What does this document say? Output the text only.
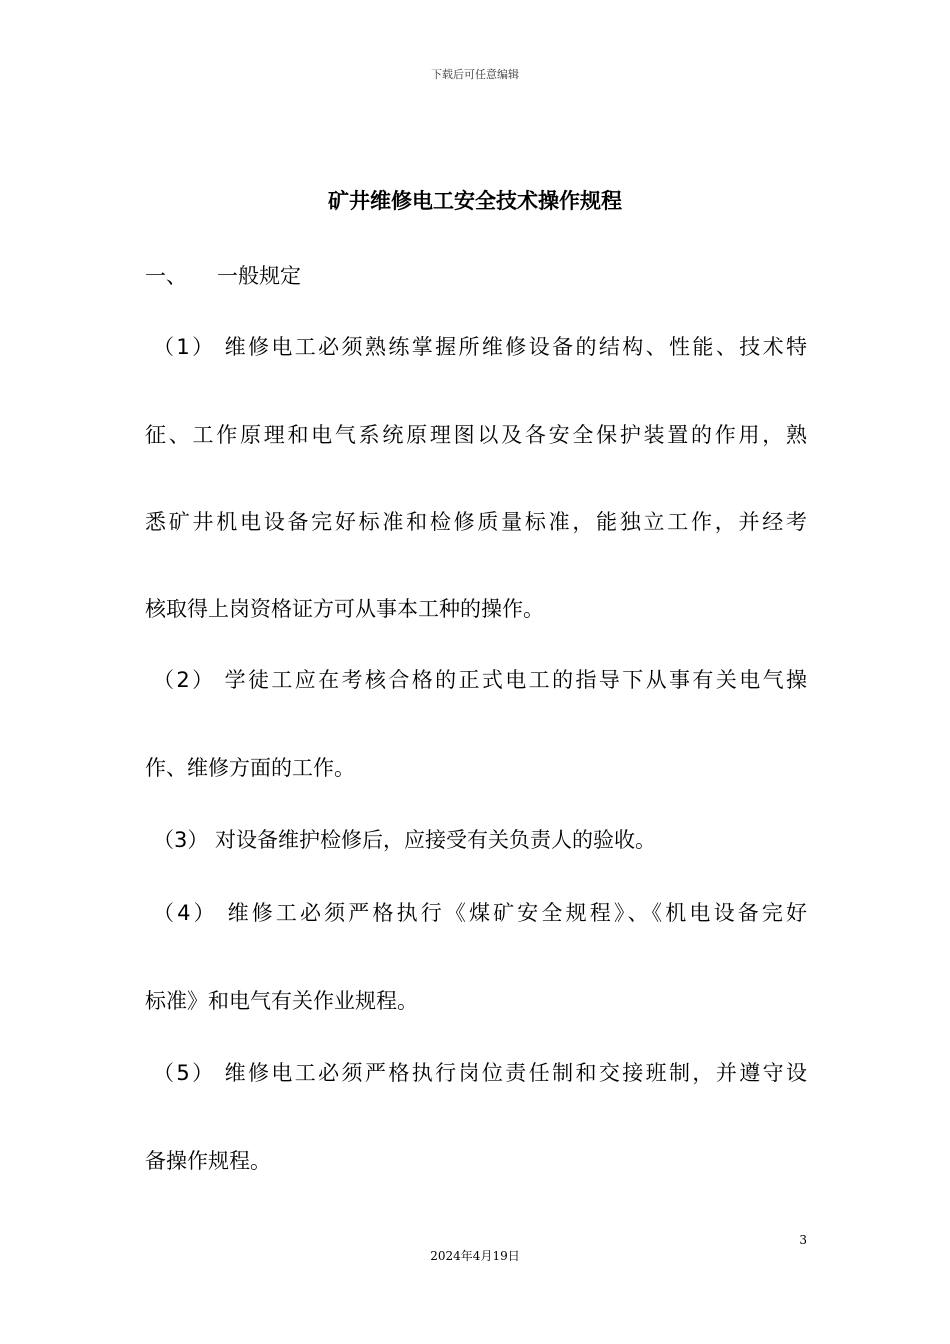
下载后可任意编辑
矿井维修电工安全技术操作规程
一、 一般规定
（1） 维修电工必须熟练掌握所维修设备的结构、性能、技术特
征、工作原理和电气系统原理图以及各安全保护装置的作用，熟
悉矿井机电设备完好标准和检修质量标准，能独立工作，并经考
核取得上岗资格证方可从事本工种的操作。
（2） 学徒工应在考核合格的正式电工的指导下从事有关电气操
作、维修方面的工作。
（3） 对设备维护检修后，应接受有关负责人的验收。
（4） 维修工必须严格执行《煤矿安全规程》、《机电设备完好
标准》和电气有关作业规程。
（5） 维修电工必须严格执行岗位责任制和交接班制，并遵守设
备操作规程。
3
2024年4月19日
